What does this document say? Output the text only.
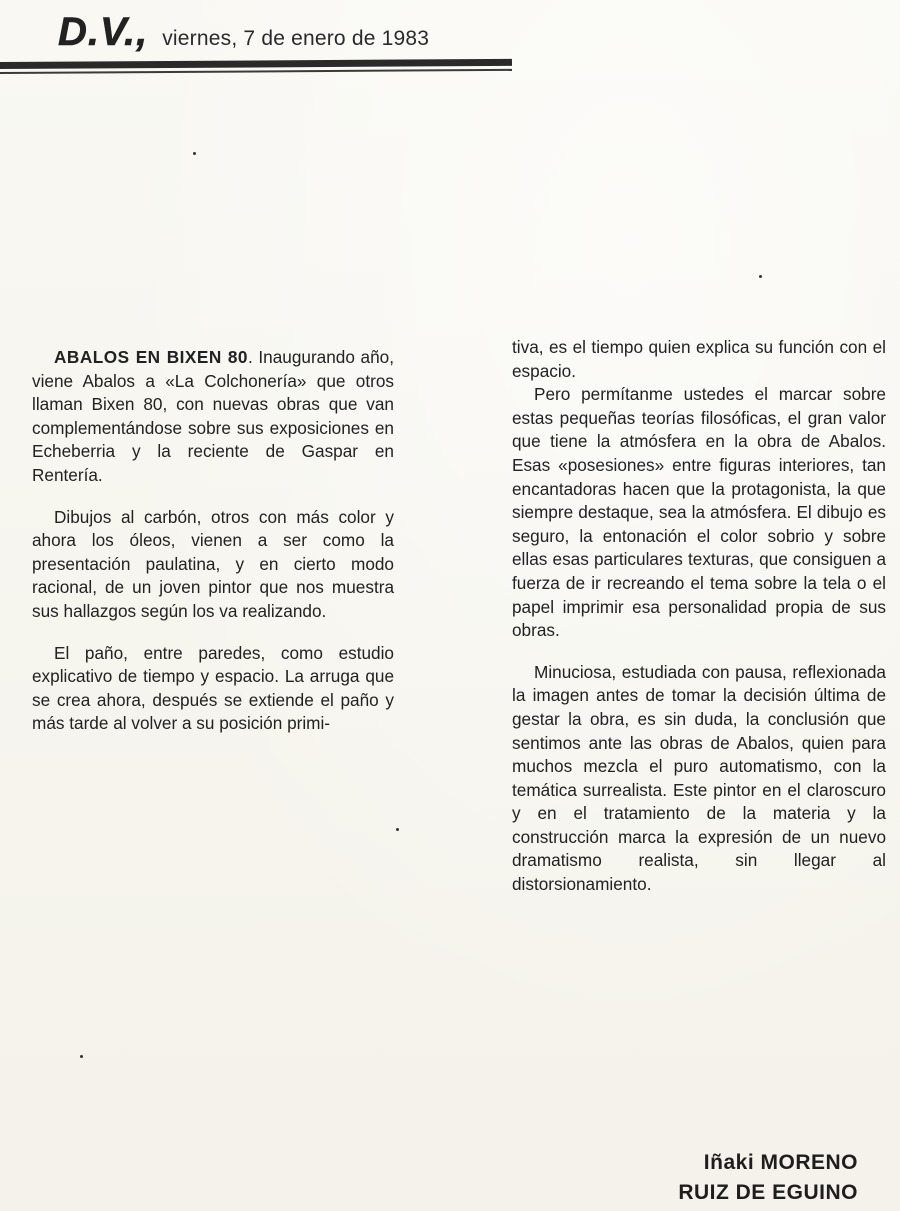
D.V., viernes, 7 de enero de 1983

ABALOS EN BIXEN 80. Inaugurando año, viene Abalos a «La Colchonería» que otros llaman Bixen 80, con nuevas obras que van complementándose sobre sus exposiciones en Echeberria y la reciente de Gaspar en Rentería.

Dibujos al carbón, otros con más color y ahora los óleos, vienen a ser como la presentación paulatina, y en cierto modo racional, de un joven pintor que nos muestra sus hallazgos según los va realizando.

El paño, entre paredes, como estudio explicativo de tiempo y espacio. La arruga que se crea ahora, después se extiende el paño y más tarde al volver a su posición primi-

tiva, es el tiempo quien explica su función con el espacio.

Pero permítanme ustedes el marcar sobre estas pequeñas teorías filosóficas, el gran valor que tiene la atmósfera en la obra de Abalos. Esas «posesiones» entre figuras interiores, tan encantadoras hacen que la protagonista, la que siempre destaque, sea la atmósfera. El dibujo es seguro, la entonación el color sobrio y sobre ellas esas particulares texturas, que consiguen a fuerza de ir recreando el tema sobre la tela o el papel imprimir esa personalidad propia de sus obras.

Minuciosa, estudiada con pausa, reflexionada la imagen antes de tomar la decisión última de gestar la obra, es sin duda, la conclusión que sentimos ante las obras de Abalos, quien para muchos mezcla el puro automatismo, con la temática surrealista. Este pintor en el claroscuro y en el tratamiento de la materia y la construcción marca la expresión de un nuevo dramatismo realista, sin llegar al distorsionamiento.

Iñaki MORENO
RUIZ DE EGUINO
